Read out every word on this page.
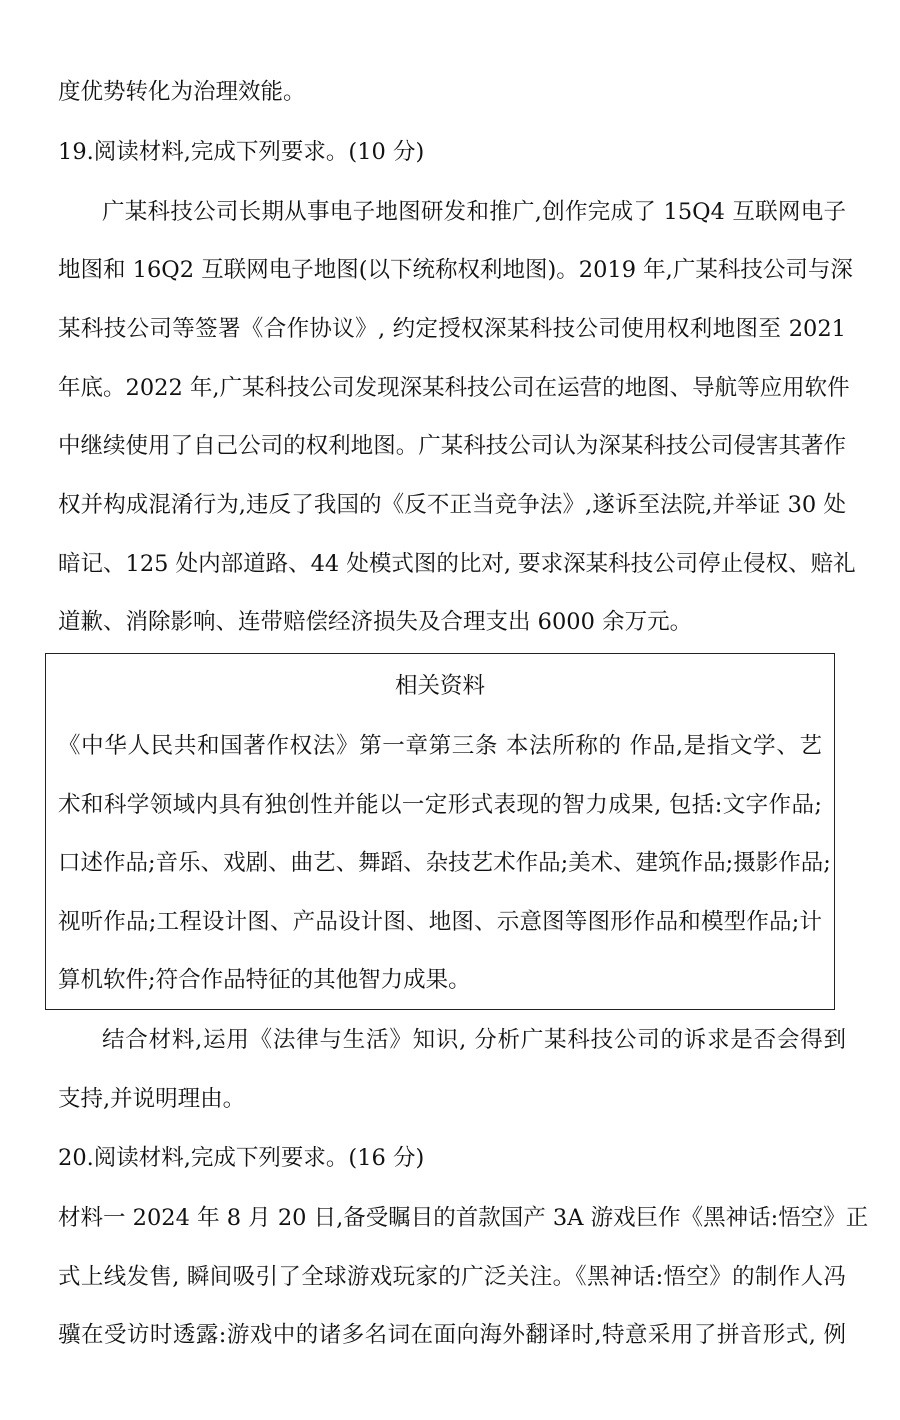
度优势转化为治理效能。
19.阅读材料,完成下列要求。(10 分)
广某科技公司长期从事电子地图研发和推广,创作完成了 15Q4 互联网电子
地图和 16Q2 互联网电子地图(以下统称权利地图)。2019 年,广某科技公司与深
某科技公司等签署《合作协议》, 约定授权深某科技公司使用权利地图至 2021
年底。2022 年,广某科技公司发现深某科技公司在运营的地图、导航等应用软件
中继续使用了自己公司的权利地图。广某科技公司认为深某科技公司侵害其著作
权并构成混淆行为,违反了我国的《反不正当竞争法》,遂诉至法院,并举证 30 处
暗记、125 处内部道路、44 处模式图的比对, 要求深某科技公司停止侵权、赔礼
道歉、消除影响、连带赔偿经济损失及合理支出 6000 余万元。
相关资料
《中华人民共和国著作权法》第一章第三条 本法所称的 作品,是指文学、艺
术和科学领域内具有独创性并能以一定形式表现的智力成果, 包括:文字作品;
口述作品;音乐、戏剧、曲艺、舞蹈、杂技艺术作品;美术、建筑作品;摄影作品;
视听作品;工程设计图、产品设计图、地图、示意图等图形作品和模型作品;计
算机软件;符合作品特征的其他智力成果。
结合材料,运用《法律与生活》知识, 分析广某科技公司的诉求是否会得到
支持,并说明理由。
20.阅读材料,完成下列要求。(16 分)
材料一 2024 年 8 月 20 日,备受瞩目的首款国产 3A 游戏巨作《黑神话:悟空》正
式上线发售, 瞬间吸引了全球游戏玩家的广泛关注。《黑神话:悟空》的制作人冯
骥在受访时透露:游戏中的诸多名词在面向海外翻译时,特意采用了拼音形式, 例
